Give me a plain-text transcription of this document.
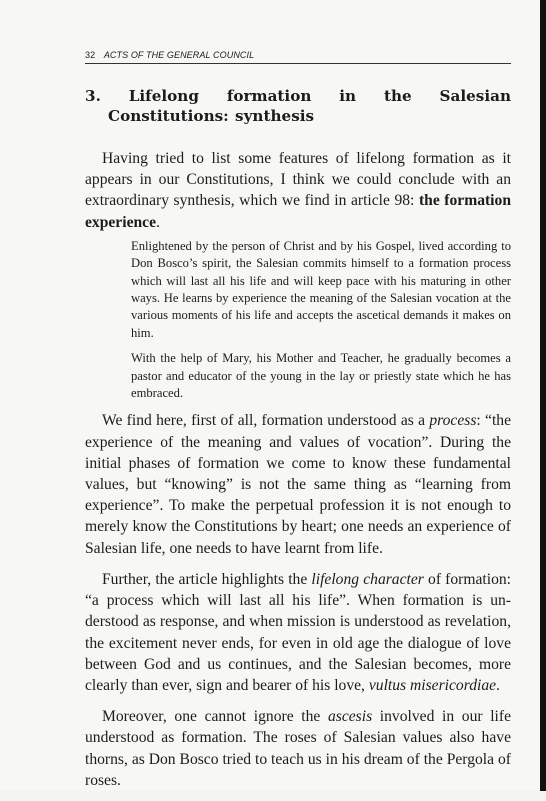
32 ACTS OF THE GENERAL COUNCIL
3. Lifelong formation in the Salesian Constitutions: synthesis

Having tried to list some features of lifelong formation as it appears in our Constitutions, I think we could conclude with an extraordinary synthesis, which we find in article 98: the formation experience.

Enlightened by the person of Christ and by his Gospel, lived according to Don Bosco’s spirit, the Salesian commits himself to a formation process which will last all his life and will keep pace with his maturing in other ways. He learns by experience the meaning of the Salesian vocation at the various moments of his life and accepts the ascetical demands it makes on him.

With the help of Mary, his Mother and Teacher, he gradually becomes a pastor and educator of the young in the lay or priestly state which he has embraced.

We find here, first of all, formation understood as a process: “the experience of the meaning and values of vocation”. During the initial phases of formation we come to know these fundamental values, but “knowing” is not the same thing as “learning from experience”. To make the perpetual profession it is not enough to merely know the Constitutions by heart; one needs an experience of Salesian life, one needs to have learnt from life.

Further, the article highlights the lifelong character of formation: “a process which will last all his life”. When formation is understood as response, and when mission is understood as revelation, the excitement never ends, for even in old age the dialogue of love between God and us continues, and the Salesian becomes, more clearly than ever, sign and bearer of his love, vultus misericordiae.

Moreover, one cannot ignore the ascesis involved in our life understood as formation. The roses of Salesian values also have thorns, as Don Bosco tried to teach us in his dream of the Pergola of roses.
